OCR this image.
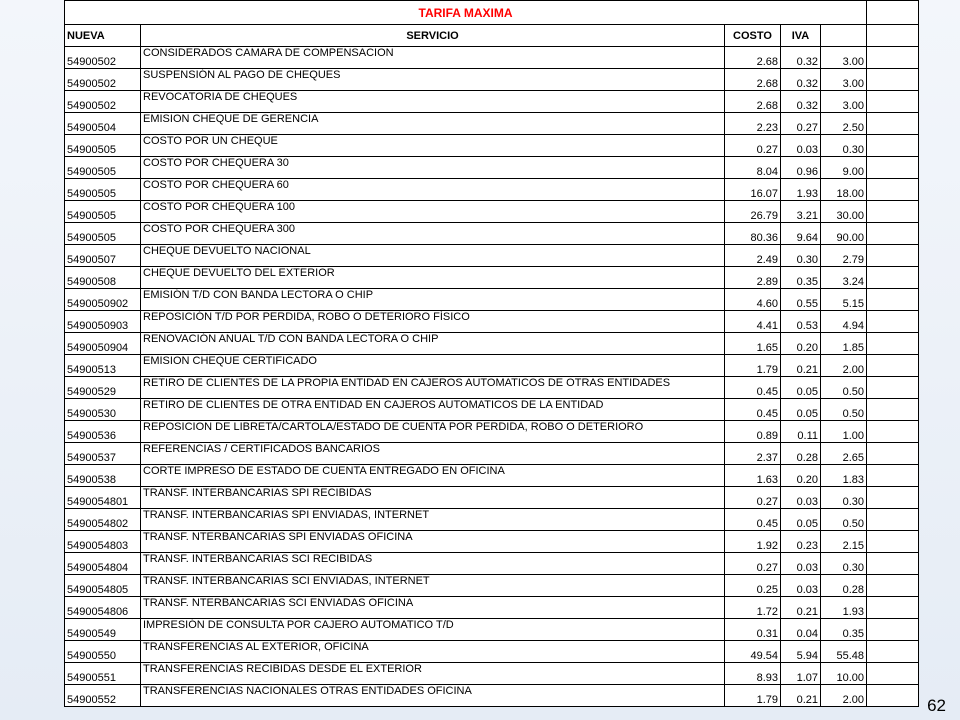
TARIFA MAXIMA					
NUEVA	SERVICIO	COSTO	IVA		
54900502	CONSIDERADOS CAMARA DE COMPENSACION	2.68	0.32	3.00	
54900502	SUSPENSIÓN AL PAGO DE CHEQUES	2.68	0.32	3.00	
54900502	REVOCATORIA DE CHEQUES	2.68	0.32	3.00	
54900504	EMISION CHEQUE DE GERENCIA	2.23	0.27	2.50	
54900505	COSTO POR UN CHEQUE	0.27	0.03	0.30	
54900505	COSTO POR CHEQUERA 30	8.04	0.96	9.00	
54900505	COSTO POR CHEQUERA 60	16.07	1.93	18.00	
54900505	COSTO POR CHEQUERA 100	26.79	3.21	30.00	
54900505	COSTO POR CHEQUERA 300	80.36	9.64	90.00	
54900507	CHEQUE DEVUELTO NACIONAL	2.49	0.30	2.79	
54900508	CHEQUE DEVUELTO DEL EXTERIOR	2.89	0.35	3.24	
5490050902	EMISIÓN T/D CON BANDA LECTORA O CHIP	4.60	0.55	5.15	
5490050903	REPOSICIÓN T/D POR PERDIDA, ROBO O DETERIORO FÍSICO	4.41	0.53	4.94	
5490050904	RENOVACIÓN ANUAL T/D CON BANDA LECTORA O CHIP	1.65	0.20	1.85	
54900513	EMISION CHEQUE CERTIFICADO	1.79	0.21	2.00	
54900529	RETIRO DE CLIENTES DE LA PROPIA ENTIDAD EN CAJEROS AUTOMATICOS DE OTRAS ENTIDADES	0.45	0.05	0.50	
54900530	RETIRO DE CLIENTES DE OTRA ENTIDAD EN CAJEROS AUTOMATICOS DE LA ENTIDAD	0.45	0.05	0.50	
54900536	REPOSICION DE LIBRETA/CARTOLA/ESTADO DE CUENTA POR PERDIDA, ROBO O DETERIORO	0.89	0.11	1.00	
54900537	REFERENCIAS / CERTIFICADOS BANCARIOS	2.37	0.28	2.65	
54900538	CORTE IMPRESO DE ESTADO DE CUENTA ENTREGADO EN OFICINA	1.63	0.20	1.83	
5490054801	TRANSF. INTERBANCARIAS SPI RECIBIDAS	0.27	0.03	0.30	
5490054802	TRANSF. INTERBANCARIAS SPI ENVIADAS, INTERNET	0.45	0.05	0.50	
5490054803	TRANSF. NTERBANCARIAS SPI ENVIADAS OFICINA	1.92	0.23	2.15	
5490054804	TRANSF. INTERBANCARIAS SCI RECIBIDAS	0.27	0.03	0.30	
5490054805	TRANSF. INTERBANCARIAS SCI ENVIADAS, INTERNET	0.25	0.03	0.28	
5490054806	TRANSF. NTERBANCARIAS SCI ENVIADAS OFICINA	1.72	0.21	1.93	
54900549	IMPRESIÓN DE CONSULTA POR CAJERO AUTOMATICO T/D	0.31	0.04	0.35	
54900550	TRANSFERENCIAS AL EXTERIOR, OFICINA	49.54	5.94	55.48	
54900551	TRANSFERENCIAS RECIBIDAS DESDE EL EXTERIOR	8.93	1.07	10.00	
54900552	TRANSFERENCIAS NACIONALES OTRAS ENTIDADES OFICINA	1.79	0.21	2.00		62
